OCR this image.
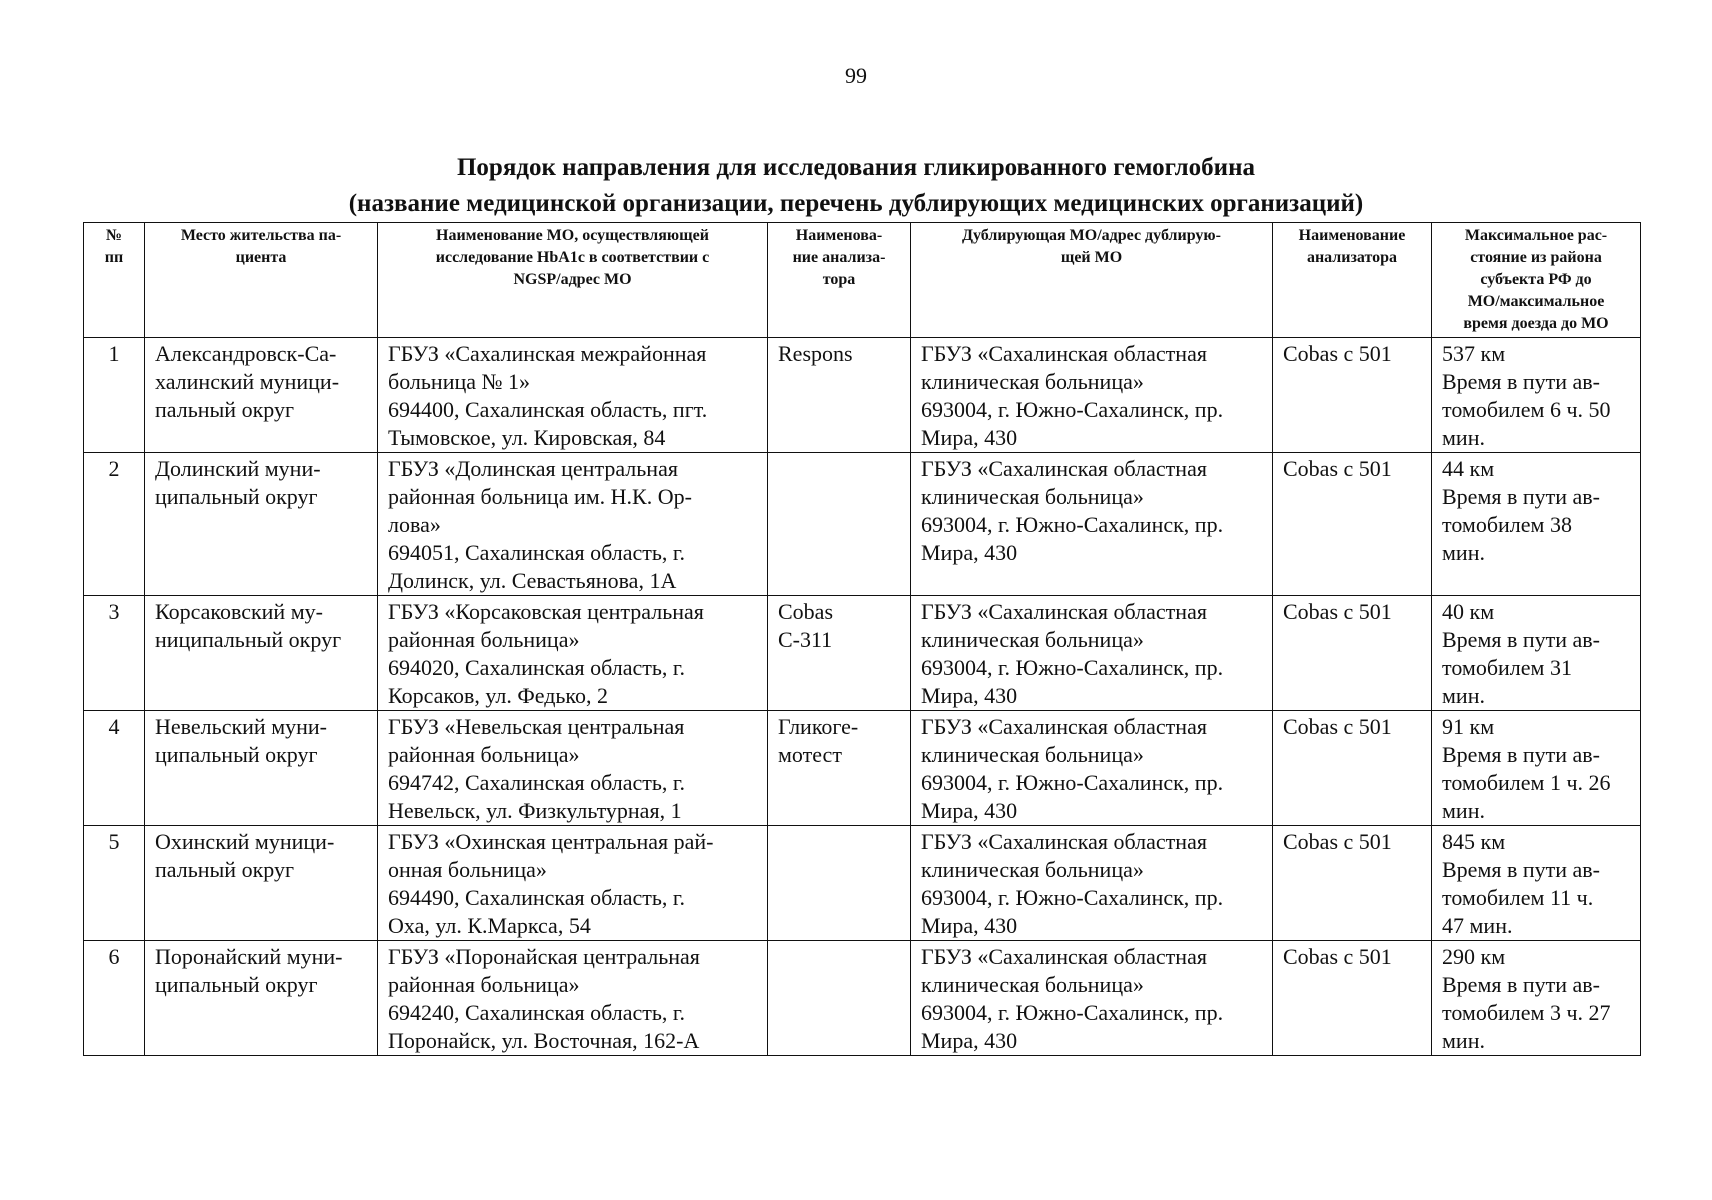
99
Порядок направления для исследования гликированного гемоглобина
(название медицинской организации, перечень дублирующих медицинских организаций)
№
пп	Место жительства па-
циента	Наименование МО, осуществляющей
исследование HbA1c в соответствии с
NGSP/адрес МО	Наименова-
ние анализа-
тора	Дублирующая МО/адрес дублирую-
щей МО	Наименование
анализатора	Максимальное рас-
стояние из района
субъекта РФ до
МО/максимальное
время доезда до МО

1	Александровск-Са-
халинский муници-
пальный округ	ГБУЗ «Сахалинская межрайонная
больница № 1»
694400, Сахалинская область, пгт.
Тымовское, ул. Кировская, 84	Respons	ГБУЗ «Сахалинская областная
клиническая больница»
693004, г. Южно-Сахалинск, пр.
Мира, 430	Cobas с 501	537 км
Время в пути ав-
томобилем 6 ч. 50
мин.

2	Долинский муни-
ципальный округ	ГБУЗ «Долинская центральная
районная больница им. Н.К. Ор-
лова»
694051, Сахалинская область, г.
Долинск, ул. Севастьянова, 1А		ГБУЗ «Сахалинская областная
клиническая больница»
693004, г. Южно-Сахалинск, пр.
Мира, 430	Cobas с 501	44 км
Время в пути ав-
томобилем 38
мин.

3	Корсаковский му-
ниципальный округ	ГБУЗ «Корсаковская центральная
районная больница»
694020, Сахалинская область, г.
Корсаков, ул. Федько, 2	Cobas
С-311	ГБУЗ «Сахалинская областная
клиническая больница»
693004, г. Южно-Сахалинск, пр.
Мира, 430	Cobas с 501	40 км
Время в пути ав-
томобилем 31
мин.

4	Невельский муни-
ципальный округ	ГБУЗ «Невельская центральная
районная больница»
694742, Сахалинская область, г.
Невельск, ул. Физкультурная, 1	Гликоге-
мотест	ГБУЗ «Сахалинская областная
клиническая больница»
693004, г. Южно-Сахалинск, пр.
Мира, 430	Cobas с 501	91 км
Время в пути ав-
томобилем 1 ч. 26
мин.

5	Охинский муници-
пальный округ	ГБУЗ «Охинская центральная рай-
онная больница»
694490, Сахалинская область, г.
Оха, ул. К.Маркса, 54		ГБУЗ «Сахалинская областная
клиническая больница»
693004, г. Южно-Сахалинск, пр.
Мира, 430	Cobas с 501	845 км
Время в пути ав-
томобилем 11 ч.
47 мин.

6	Поронайский муни-
ципальный округ	ГБУЗ «Поронайская центральная
районная больница»
694240, Сахалинская область, г.
Поронайск, ул. Восточная, 162-А		ГБУЗ «Сахалинская областная
клиническая больница»
693004, г. Южно-Сахалинск, пр.
Мира, 430	Cobas с 501	290 км
Время в пути ав-
томобилем 3 ч. 27
мин.
